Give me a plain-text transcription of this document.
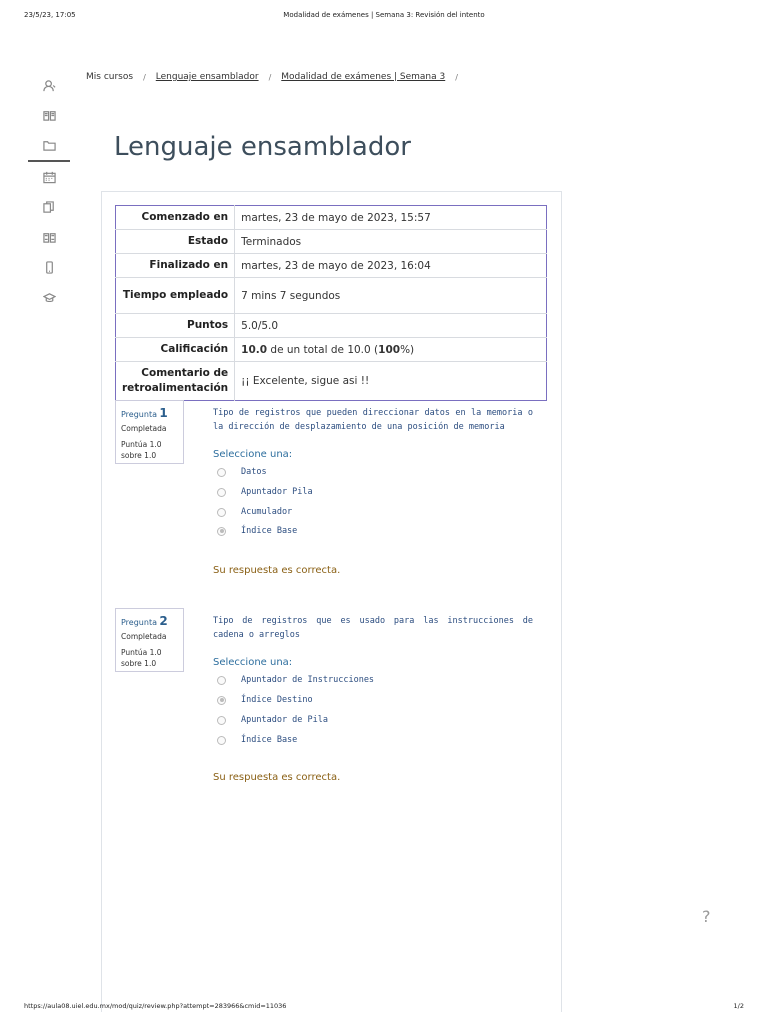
23/5/23, 17:05	Modalidad de exámenes | Semana 3: Revisión del intento
Mis cursos / Lenguaje ensamblador / Modalidad de exámenes | Semana 3 /
Lenguaje ensamblador
Comenzado en	martes, 23 de mayo de 2023, 15:57
Estado	Terminados
Finalizado en	martes, 23 de mayo de 2023, 16:04
Tiempo empleado	7 mins 7 segundos
Puntos	5.0/5.0
Calificación	10.0 de un total de 10.0 (100%)
Comentario de retroalimentación	¡¡ Excelente, sigue asi !!
Pregunta 1
Completada
Puntúa 1.0 sobre 1.0
Tipo de registros que pueden direccionar datos en la memoria o la dirección de desplazamiento de una posición de memoria
Seleccione una:
Datos
Apuntador Pila
Acumulador
Índice Base
Su respuesta es correcta.
Pregunta 2
Completada
Puntúa 1.0 sobre 1.0
Tipo de registros que es usado para las instrucciones de cadena o arreglos
Seleccione una:
Apuntador de Instrucciones
Índice Destino
Apuntador de Pila
Índice Base
Su respuesta es correcta.
?
https://aula08.uiel.edu.mx/mod/quiz/review.php?attempt=283966&cmid=11036	1/2
